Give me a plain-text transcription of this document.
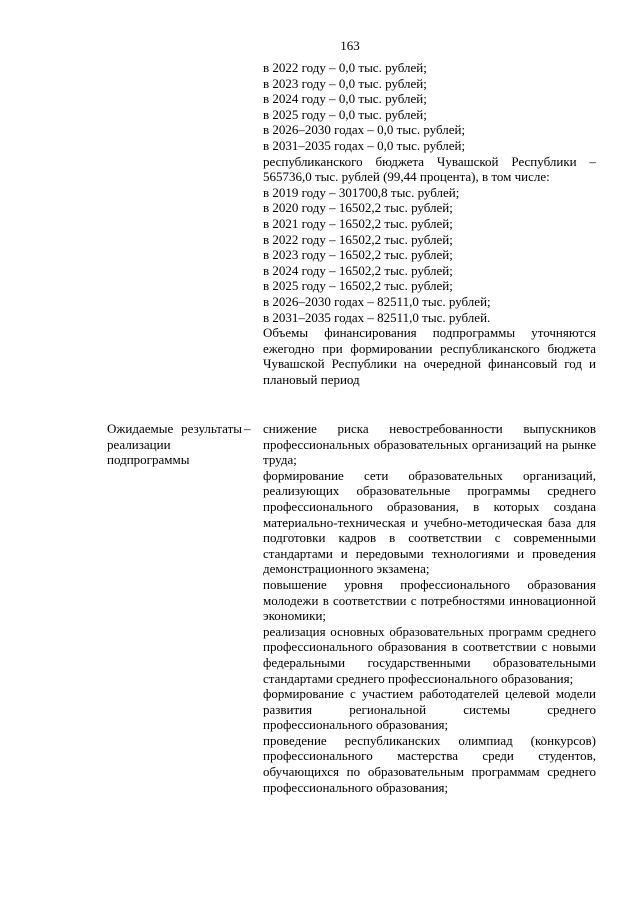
163
в 2022 году – 0,0 тыс. рублей;
в 2023 году – 0,0 тыс. рублей;
в 2024 году – 0,0 тыс. рублей;
в 2025 году – 0,0 тыс. рублей;
в 2026–2030 годах – 0,0 тыс. рублей;
в 2031–2035 годах – 0,0 тыс. рублей;
республиканского бюджета Чувашской Республики – 565736,0 тыс. рублей (99,44 процента), в том числе:
в 2019 году – 301700,8 тыс. рублей;
в 2020 году – 16502,2 тыс. рублей;
в 2021 году – 16502,2 тыс. рублей;
в 2022 году – 16502,2 тыс. рублей;
в 2023 году – 16502,2 тыс. рублей;
в 2024 году – 16502,2 тыс. рублей;
в 2025 году – 16502,2 тыс. рублей;
в 2026–2030 годах – 82511,0 тыс. рублей;
в 2031–2035 годах – 82511,0 тыс. рублей.
Объемы финансирования подпрограммы уточняются ежегодно при формировании республиканского бюджета Чувашской Республики на очередной финансовый год и плановый период
Ожидаемые результаты реализации подпрограммы
– снижение риска невостребованности выпускников профессиональных образовательных организаций на рынке труда;
формирование сети образовательных организаций, реализующих образовательные программы среднего профессионального образования, в которых создана материально-техническая и учебно-методическая база для подготовки кадров в соответствии с современными стандартами и передовыми технологиями и проведения демонстрационного экзамена;
повышение уровня профессионального образования молодежи в соответствии с потребностями инновационной экономики;
реализация основных образовательных программ среднего профессионального образования в соответствии с новыми федеральными государственными образовательными стандартами среднего профессионального образования;
формирование с участием работодателей целевой модели развития региональной системы среднего профессионального образования;
проведение республиканских олимпиад (конкурсов) профессионального мастерства среди студентов, обучающихся по образовательным программам среднего профессионального образования;
